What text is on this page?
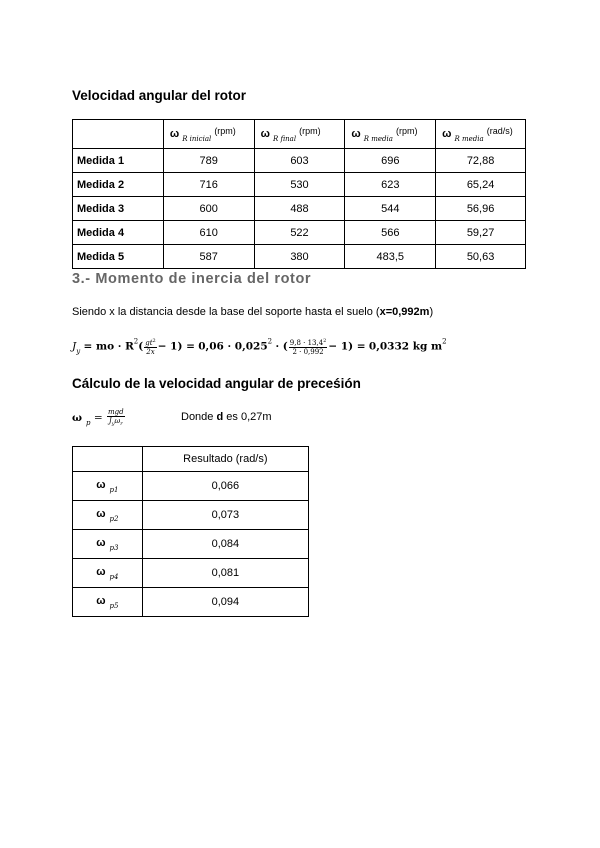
Velocidad angular del rotor
	ω $_{R inicial}$ $^{(rpm)}$	ω $_{R final}$ $^{(rpm)}$	ω $_{R media}$ $^{(rpm)}$	ω $_{R media}$ $^{(rad/s)}$
Medida 1	789	603	696	72,88
Medida 2	716	530	623	65,24
Medida 3	600	488	544	56,96
Medida 4	610	522	566	59,27
Medida 5	587	380	483,5	50,63
3.- Momento de inercia del rotor
Siendo x la distancia desde la base del soporte hasta el suelo (x=0,992m)
$J_y$ = mo · $R^2( \frac{gt^2}{2x} - 1) = 0,06 \cdot 0,025^2$ · ( $\frac{9,8 \cdot 13,4^2}{2 \cdot 0,992} - 1) = 0,0332$ kg $m^2$
Cálculo de la velocidad angular de preceśión
ω $_p = \frac{\text{mgd}}{J_y\omega_r}$	Donde d es 0,27m
	Resultado (rad/s)
ω $_{p1}$	0,066
ω $_{p2}$	0,073
ω $_{p3}$	0,084
ω $_{p4}$	0,081
ω $_{p5}$	0,094
